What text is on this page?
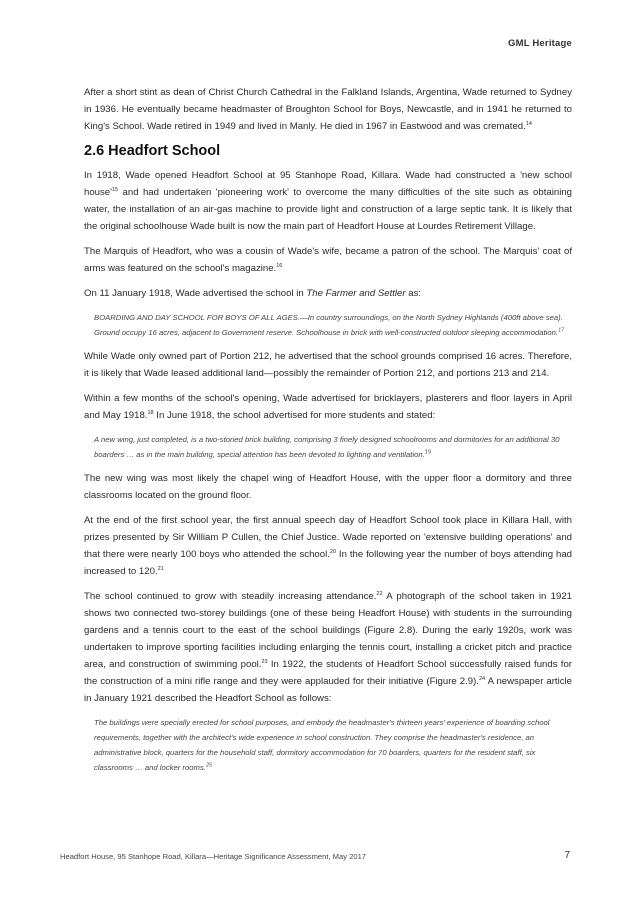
GML Heritage

After a short stint as dean of Christ Church Cathedral in the Falkland Islands, Argentina, Wade returned to Sydney in 1936. He eventually became headmaster of Broughton School for Boys, Newcastle, and in 1941 he returned to King's School. Wade retired in 1949 and lived in Manly. He died in 1967 in Eastwood and was cremated.$^{14}$

2.6 Headfort School

In 1918, Wade opened Headfort School at 95 Stanhope Road, Killara. Wade had constructed a 'new school $house'^{15}$ and had undertaken 'pioneering work' to overcome the many difficulties of the site such as obtaining water, the installation of an air-gas machine to provide light and construction of a large septic tank. It is likely that the original schoolhouse Wade built is now the main part of Headfort House at Lourdes Retirement Village.

The Marquis of Headfort, who was a cousin of Wade's wife, became a patron of the school. The Marquis' coat of arms was featured on the school's magazine.$^{16}$

On 11 January 1918, Wade advertised the school in The Farmer and Settler as:

BOARDING AND DAY SCHOOL FOR BOYS OF ALL AGES.—In country surroundings, on the North Sydney Highlands (400ft above sea). Ground occupy 16 acres, adjacent to Government reserve. Schoolhouse in brick with well-constructed outdoor sleeping accommodation.$^{17}$

While Wade only owned part of Portion 212, he advertised that the school grounds comprised 16 acres. Therefore, it is likely that Wade leased additional land—possibly the remainder of Portion 212, and portions 213 and 214.

Within a few months of the school's opening, Wade advertised for bricklayers, plasterers and floor layers in April and May 1918.18 In June 1918, the school advertised for more students and stated:

A new wing, just completed, is a two-storied brick building, comprising 3 finely designed schoolrooms and dormitories for an additional 30 boarders … as in the main building, special attention has been devoted to lighting and ventilation.$^{19}$

The new wing was most likely the chapel wing of Headfort House, with the upper floor a dormitory and three classrooms located on the ground floor.

At the end of the first school year, the first annual speech day of Headfort School took place in Killara Hall, with prizes presented by Sir William P Cullen, the Chief Justice. Wade reported on 'extensive building operations' and that there were nearly 100 boys who attended the school.$^{20}$ In the following year the number of boys attending had increased to 120.21

The school continued to grow with steadily increasing attendance.$^{22}$ A photograph of the school taken in 1921 shows two connected two-storey buildings (one of these being Headfort House) with students in the surrounding gardens and a tennis court to the east of the school buildings (Figure 2.8). During the early 1920s, work was undertaken to improve sporting facilities including enlarging the tennis court, installing a cricket pitch and practice area, and construction of swimming pool.$^{23}$ In 1922, the students of Headfort School successfully raised funds for the construction of a mini rifle range and they were applauded for their initiative (Figure 2.9).$^{24}$ A newspaper article in January 1921 described the Headfort School as follows:

The buildings were specially erected for school purposes, and embody the headmaster's thirteen years' experience of boarding school requirements, together with the architect's wide experience in school construction. They comprise the headmaster's residence, an administrative block, quarters for the household staff, dormitory accommodation for 70 boarders, quarters for the resident staff, six classrooms … and locker rooms.$^{25}$
Headfort House, 95 Stanhope Road, Killara—Heritage Significance Assessment, May 2017	7
